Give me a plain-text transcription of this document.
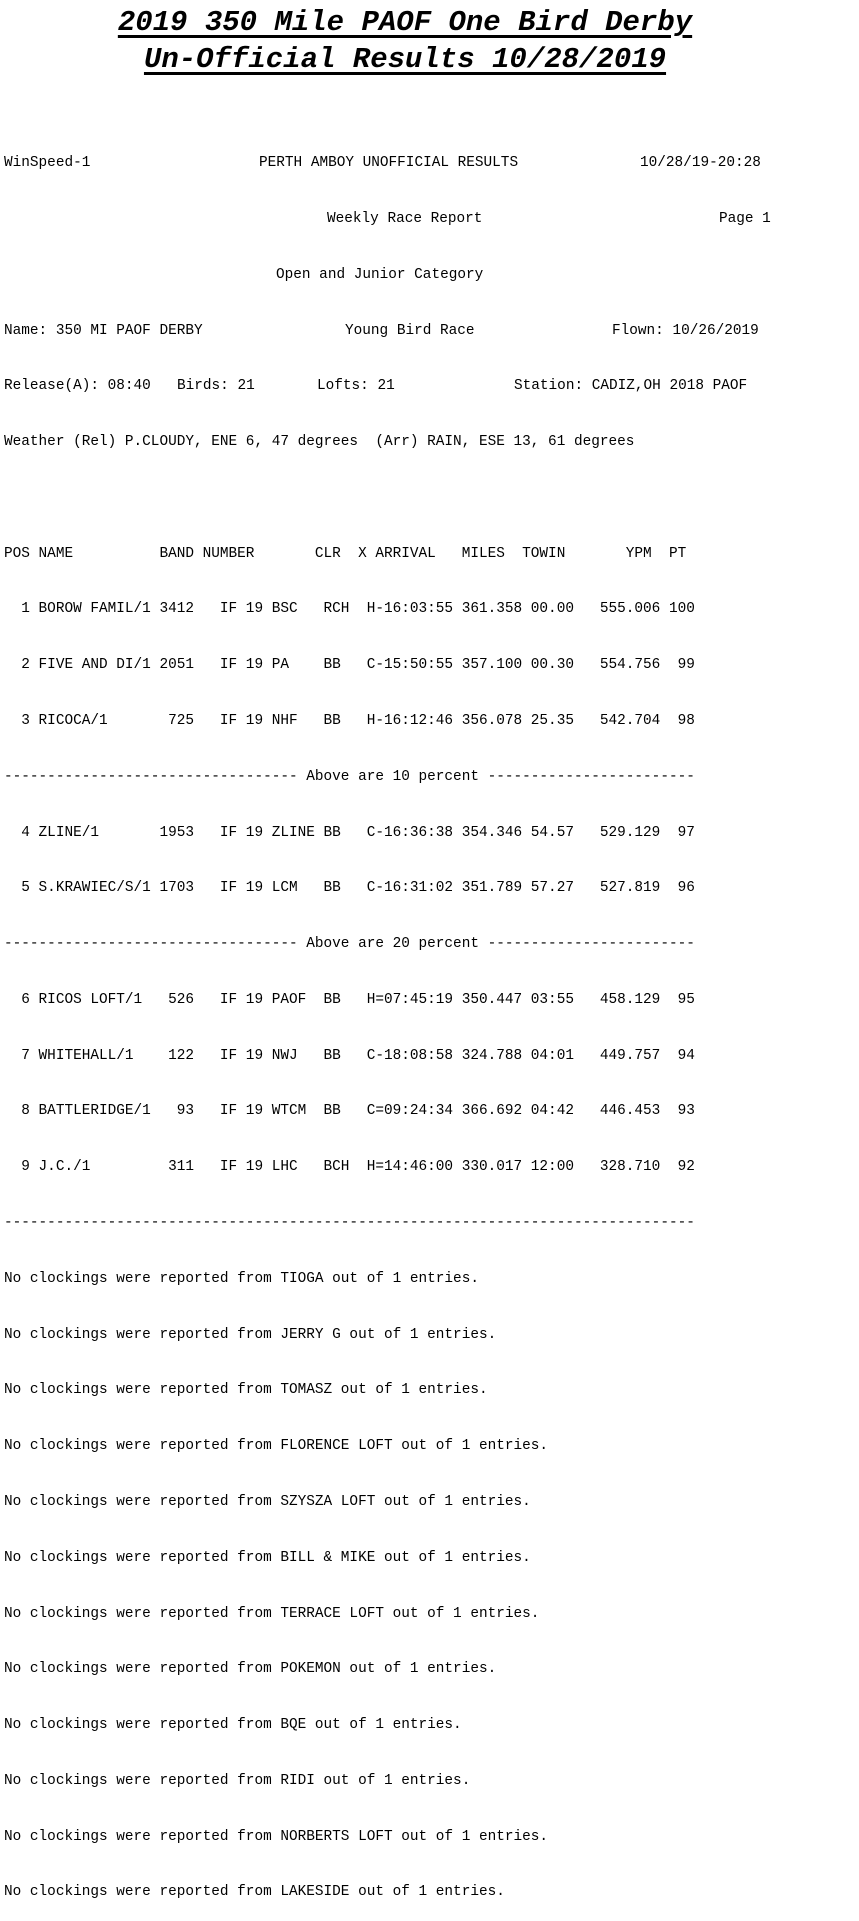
2019 350 Mile PAOF One Bird Derby
Un-Official Results 10/28/2019

WinSpeed-1	PERTH AMBOY UNOFFICIAL RESULTS	10/28/19-20:28

Weekly Race Report	Page 1

Open and Junior Category

Name: 350 MI PAOF DERBY	Young Bird Race	Flown: 10/26/2019

Release(A): 08:40 Birds: 21	Lofts: 21	Station: CADIZ,OH 2018 PAOF

Weather (Rel) P.CLOUDY, ENE 6, 47 degrees  (Arr) RAIN, ESE 13, 61 degrees

POS NAME          BAND NUMBER       CLR  X ARRIVAL   MILES  TOWIN       YPM  PT

1 BOROW FAMIL/1 3412   IF 19 BSC   RCH  H-16:03:55 361.358 00.00   555.006 100

2 FIVE AND DI/1 2051   IF 19 PA    BB   C-15:50:55 357.100 00.30   554.756  99

3 RICOCA/1       725   IF 19 NHF   BB   H-16:12:46 356.078 25.35   542.704  98

---------------------------------- Above are 10 percent ------------------------

4 ZLINE/1       1953   IF 19 ZLINE BB   C-16:36:38 354.346 54.57   529.129  97

5 S.KRAWIEC/S/1 1703   IF 19 LCM   BB   C-16:31:02 351.789 57.27   527.819  96

---------------------------------- Above are 20 percent ------------------------

6 RICOS LOFT/1   526   IF 19 PAOF  BB   H=07:45:19 350.447 03:55   458.129  95

7 WHITEHALL/1    122   IF 19 NWJ   BB   C-18:08:58 324.788 04:01   449.757  94

8 BATTLERIDGE/1   93   IF 19 WTCM  BB   C=09:24:34 366.692 04:42   446.453  93

9 J.C./1         311   IF 19 LHC   BCH  H=14:46:00 330.017 12:00   328.710  92

--------------------------------------------------------------------------------

No clockings were reported from TIOGA out of 1 entries.

No clockings were reported from JERRY G out of 1 entries.

No clockings were reported from TOMASZ out of 1 entries.

No clockings were reported from FLORENCE LOFT out of 1 entries.

No clockings were reported from SZYSZA LOFT out of 1 entries.

No clockings were reported from BILL & MIKE out of 1 entries.

No clockings were reported from TERRACE LOFT out of 1 entries.

No clockings were reported from POKEMON out of 1 entries.

No clockings were reported from BQE out of 1 entries.

No clockings were reported from RIDI out of 1 entries.

No clockings were reported from NORBERTS LOFT out of 1 entries.

No clockings were reported from LAKESIDE out of 1 entries.
